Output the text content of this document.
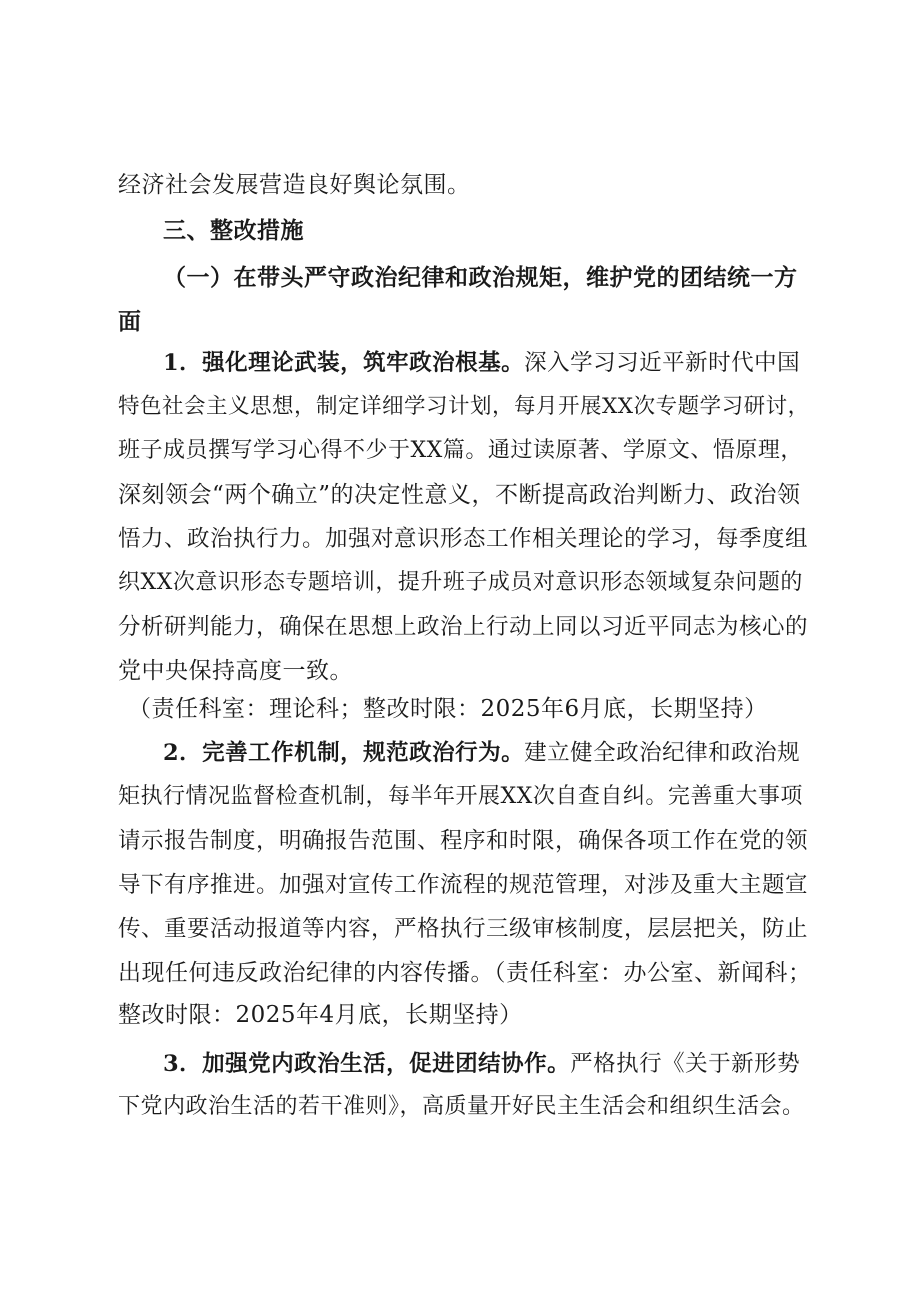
经济社会发展营造良好舆论氛围。
三、整改措施
（一）在带头严守政治纪律和政治规矩，维护党的团结统一方
面
1．强化理论武装，筑牢政治根基。深入学习习近平新时代中国
特色社会主义思想，制定详细学习计划，每月开展XX次专题学习研讨，
班子成员撰写学习心得不少于XX篇。通过读原著、学原文、悟原理，
深刻领会“两个确立”的决定性意义，不断提高政治判断力、政治领
悟力、政治执行力。加强对意识形态工作相关理论的学习，每季度组
织XX次意识形态专题培训，提升班子成员对意识形态领域复杂问题的
分析研判能力，确保在思想上政治上行动上同以习近平同志为核心的
党中央保持高度一致。
（责任科室：理论科；整改时限：2025年6月底，长期坚持）
2．完善工作机制，规范政治行为。建立健全政治纪律和政治规
矩执行情况监督检查机制，每半年开展XX次自查自纠。完善重大事项
请示报告制度，明确报告范围、程序和时限，确保各项工作在党的领
导下有序推进。加强对宣传工作流程的规范管理，对涉及重大主题宣
传、重要活动报道等内容，严格执行三级审核制度，层层把关，防止
出现任何违反政治纪律的内容传播。（责任科室：办公室、新闻科；
整改时限：2025年4月底，长期坚持）
3．加强党内政治生活，促进团结协作。严格执行《关于新形势
下党内政治生活的若干准则》，高质量开好民主生活会和组织生活会。
